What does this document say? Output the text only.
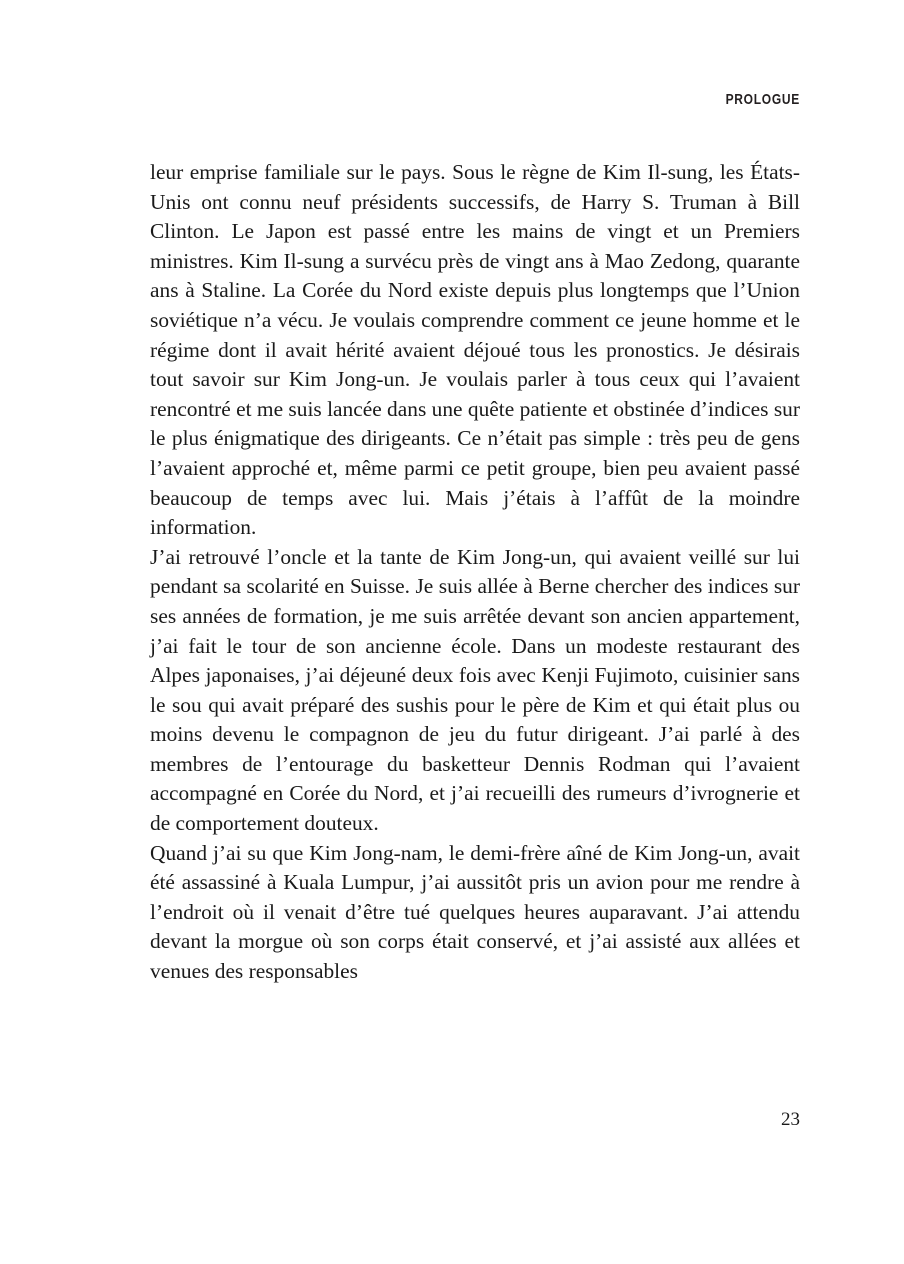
PROLOGUE

leur emprise familiale sur le pays. Sous le règne de Kim Il-sung, les États-Unis ont connu neuf présidents successifs, de Harry S. Truman à Bill Clinton. Le Japon est passé entre les mains de vingt et un Premiers ministres. Kim Il-sung a survécu près de vingt ans à Mao Zedong, quarante ans à Staline. La Corée du Nord existe depuis plus longtemps que l’Union soviétique n’a vécu. Je voulais comprendre comment ce jeune homme et le régime dont il avait hérité avaient déjoué tous les pronostics. Je désirais tout savoir sur Kim Jong-un. Je voulais parler à tous ceux qui l’avaient rencontré et me suis lancée dans une quête patiente et obstinée d’indices sur le plus énigmatique des dirigeants. Ce n’était pas simple : très peu de gens l’avaient approché et, même parmi ce petit groupe, bien peu avaient passé beaucoup de temps avec lui. Mais j’étais à l’affût de la moindre information.

J’ai retrouvé l’oncle et la tante de Kim Jong-un, qui avaient veillé sur lui pendant sa scolarité en Suisse. Je suis allée à Berne chercher des indices sur ses années de formation, je me suis arrêtée devant son ancien appartement, j’ai fait le tour de son ancienne école. Dans un modeste restaurant des Alpes japonaises, j’ai déjeuné deux fois avec Kenji Fujimoto, cuisinier sans le sou qui avait préparé des sushis pour le père de Kim et qui était plus ou moins devenu le compagnon de jeu du futur dirigeant. J’ai parlé à des membres de l’entourage du basketteur Dennis Rodman qui l’avaient accompagné en Corée du Nord, et j’ai recueilli des rumeurs d’ivrognerie et de comportement douteux.

Quand j’ai su que Kim Jong-nam, le demi-frère aîné de Kim Jong-un, avait été assassiné à Kuala Lumpur, j’ai aussitôt pris un avion pour me rendre à l’endroit où il venait d’être tué quelques heures auparavant. J’ai attendu devant la morgue où son corps était conservé, et j’ai assisté aux allées et venues des responsables

23
